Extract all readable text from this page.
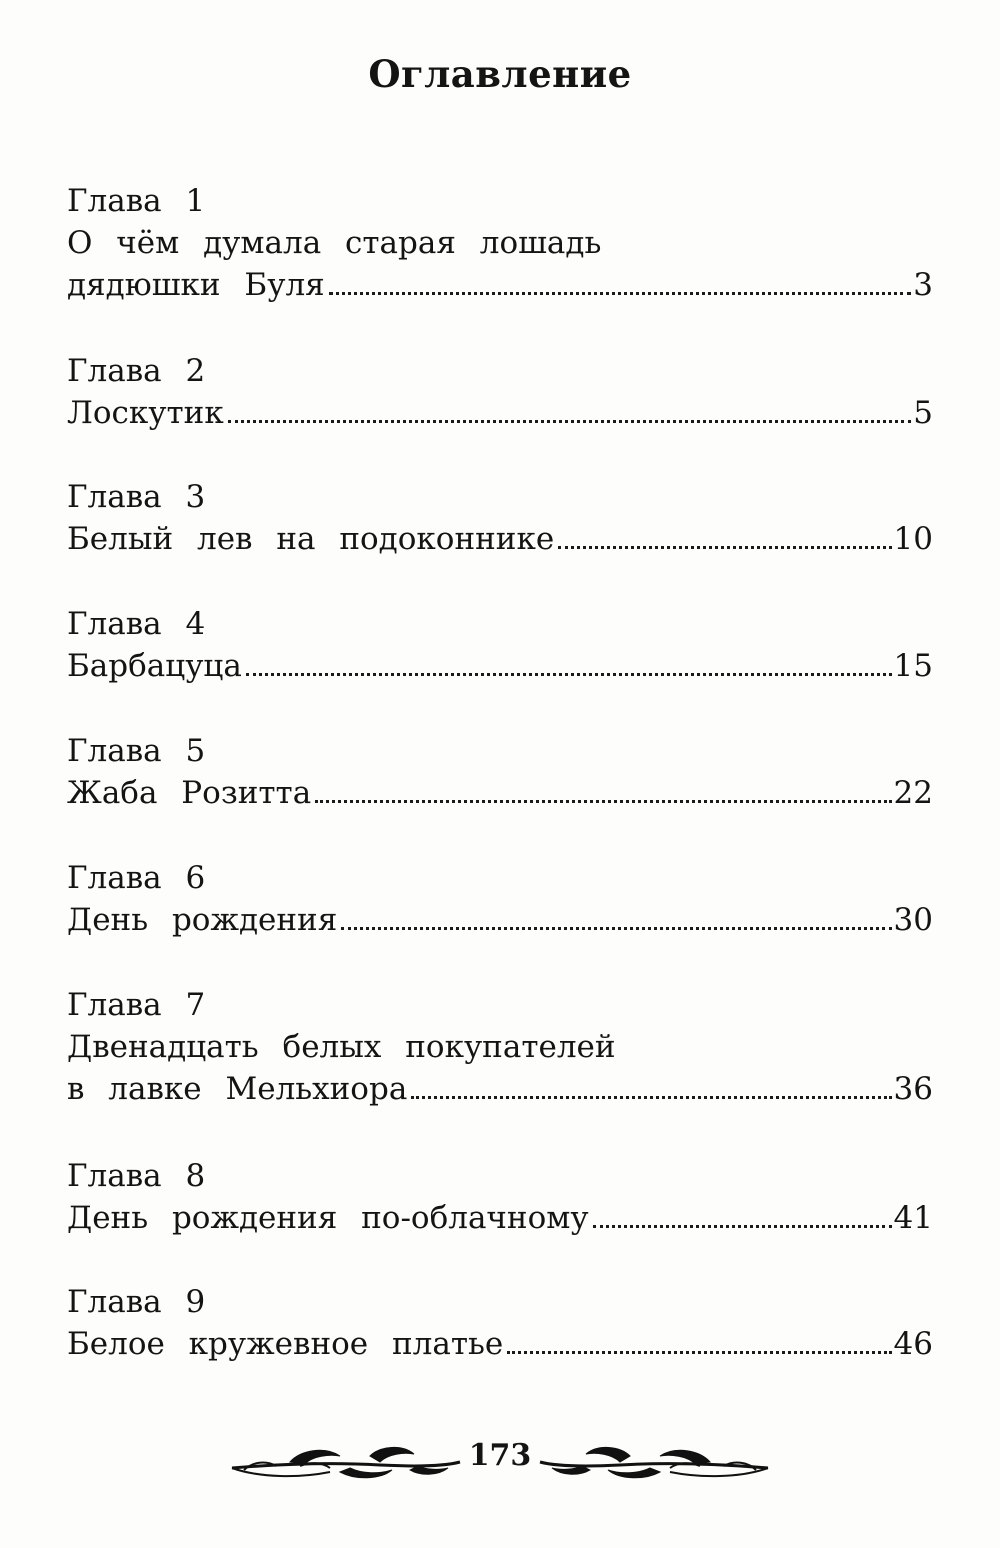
Оглавление
Глава 1
О чём думала старая лошадь
дядюшки Буля	3
Глава 2
Лоскутик	5
Глава 3
Белый лев на подоконнике	10
Глава 4
Барбацуца	15
Глава 5
Жаба Розитта	22
Глава 6
День рождения	30
Глава 7
Двенадцать белых покупателей
в лавке Мельхиора	36
Глава 8
День рождения по-облачному	41
Глава 9
Белое кружевное платье	46
173
